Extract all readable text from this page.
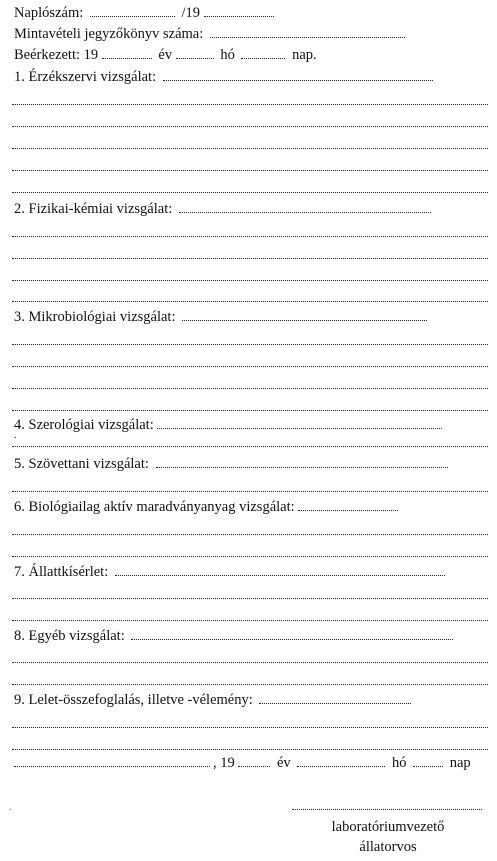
Naplószám:	/19
Mintavételi jegyzőkönyv száma:
Beérkezett: 19	év	hó	nap.
1. Érzékszervi vizsgálat:
2. Fizikai-kémiai vizsgálat:
3. Mikrobiológiai vizsgálat:
4. Szerológiai vizsgálat:
.
5. Szövettani vizsgálat:
6. Biológiailag aktív maradványanyag vizsgálat:
7. Állattkísérlet:
8. Egyéb vizsgálat:
9. Lelet-összefoglalás, illetve -vélemény:
, 19	év	hó	nap
laboratóriumvezető
állatorvos
.
